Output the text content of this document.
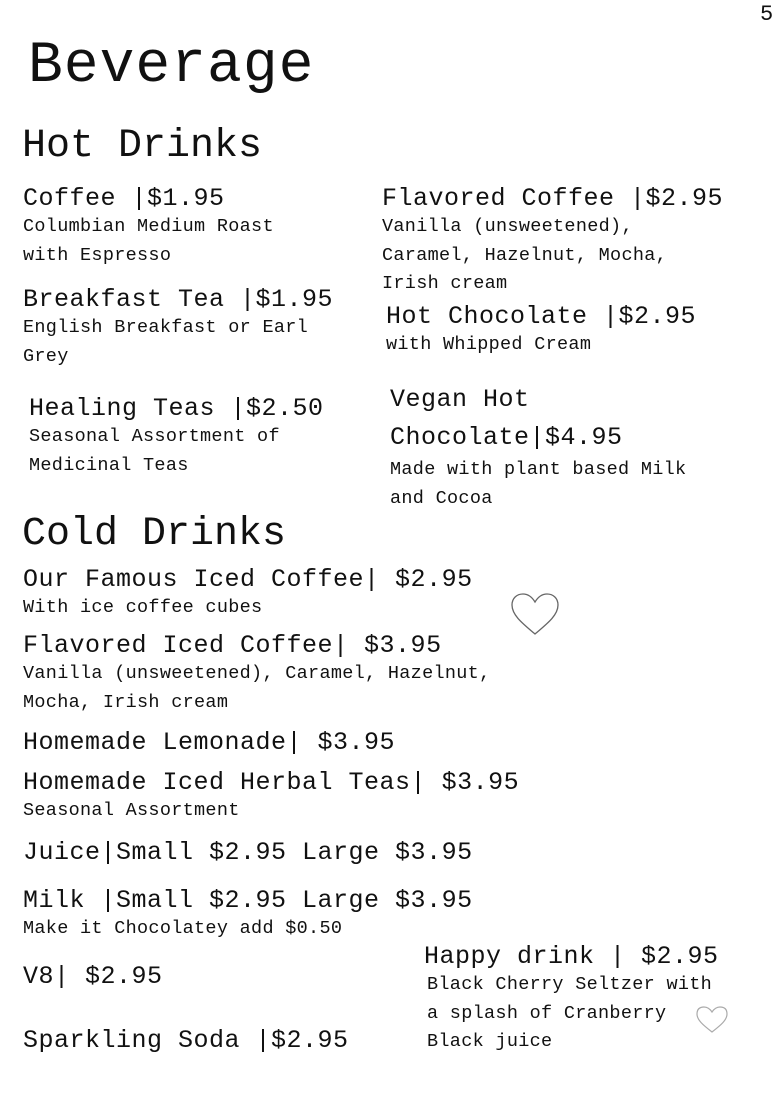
5
Beverage
Hot Drinks
Coffee |$1.95
Columbian Medium Roast
with Espresso
Breakfast Tea |$1.95
English Breakfast or Earl
Grey
Healing Teas |$2.50
Seasonal Assortment of
Medicinal Teas
Flavored Coffee |$2.95
Vanilla (unsweetened),
Caramel, Hazelnut, Mocha,
Irish cream
Hot Chocolate |$2.95
with Whipped Cream
Vegan Hot
Chocolate|$4.95
Made with plant based Milk
and Cocoa
Cold Drinks
Our Famous Iced Coffee| $2.95
With ice coffee cubes
Flavored Iced Coffee| $3.95
Vanilla (unsweetened), Caramel, Hazelnut,
Mocha, Irish cream
Homemade Lemonade| $3.95
Homemade Iced Herbal Teas| $3.95
Seasonal Assortment
Juice|Small $2.95 Large $3.95
Milk |Small $2.95 Large $3.95
Make it Chocolatey add $0.50
V8| $2.95
Sparkling Soda |$2.95
Happy drink | $2.95
Black Cherry Seltzer with
a splash of Cranberry
Black juice
